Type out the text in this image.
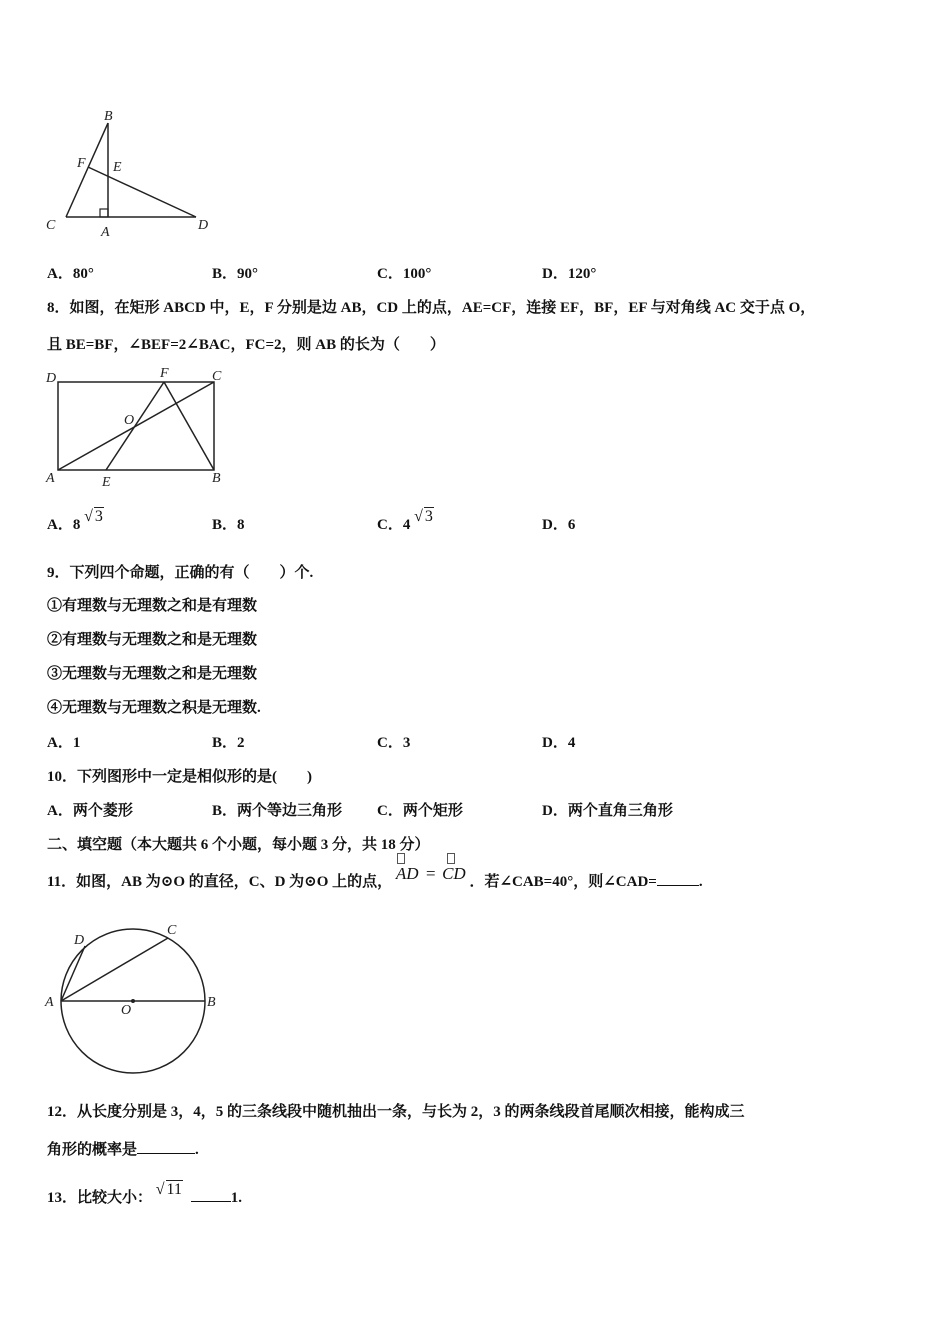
B
F E
C	A	D
A．80°	B．90°	C．100°	D．120°
8．如图，在矩形 ABCD 中，E，F 分别是边 AB，CD 上的点，AE=CF，连接 EF，BF，EF 与对角线 AC 交于点 O，
且 BE=BF，∠BEF=2∠BAC，FC=2，则 AB 的长为（　　）
D	F	C
O
A	E	B
A．8 √ 3	B．8	C．4 √ 3	D．6
9．下列四个命题，正确的有（　　）个.
①有理数与无理数之和是有理数
②有理数与无理数之和是无理数
③无理数与无理数之和是无理数
④无理数与无理数之积是无理数.
A．1	B．2	C．3	D．4
10．下列图形中一定是相似形的是(　　)
A．两个菱形	B．两个等边三角形 C．两个矩形	D．两个直角三角形
二、填空题（本大题共 6 个小题，每小题 3 分，共 18 分）
11．如图，AB 为⊙O 的直径，C、D 为⊙O 上的点， AD = CD ．若∠CAB=40°，则∠CAD=	.
D
C
A
O
B
12．从长度分别是 3，4，5 的三条线段中随机抽出一条，与长为 2，3 的两条线段首尾顺次相接，能构成三
角形的概率是	.
13．比较大小： √ 11	1.
